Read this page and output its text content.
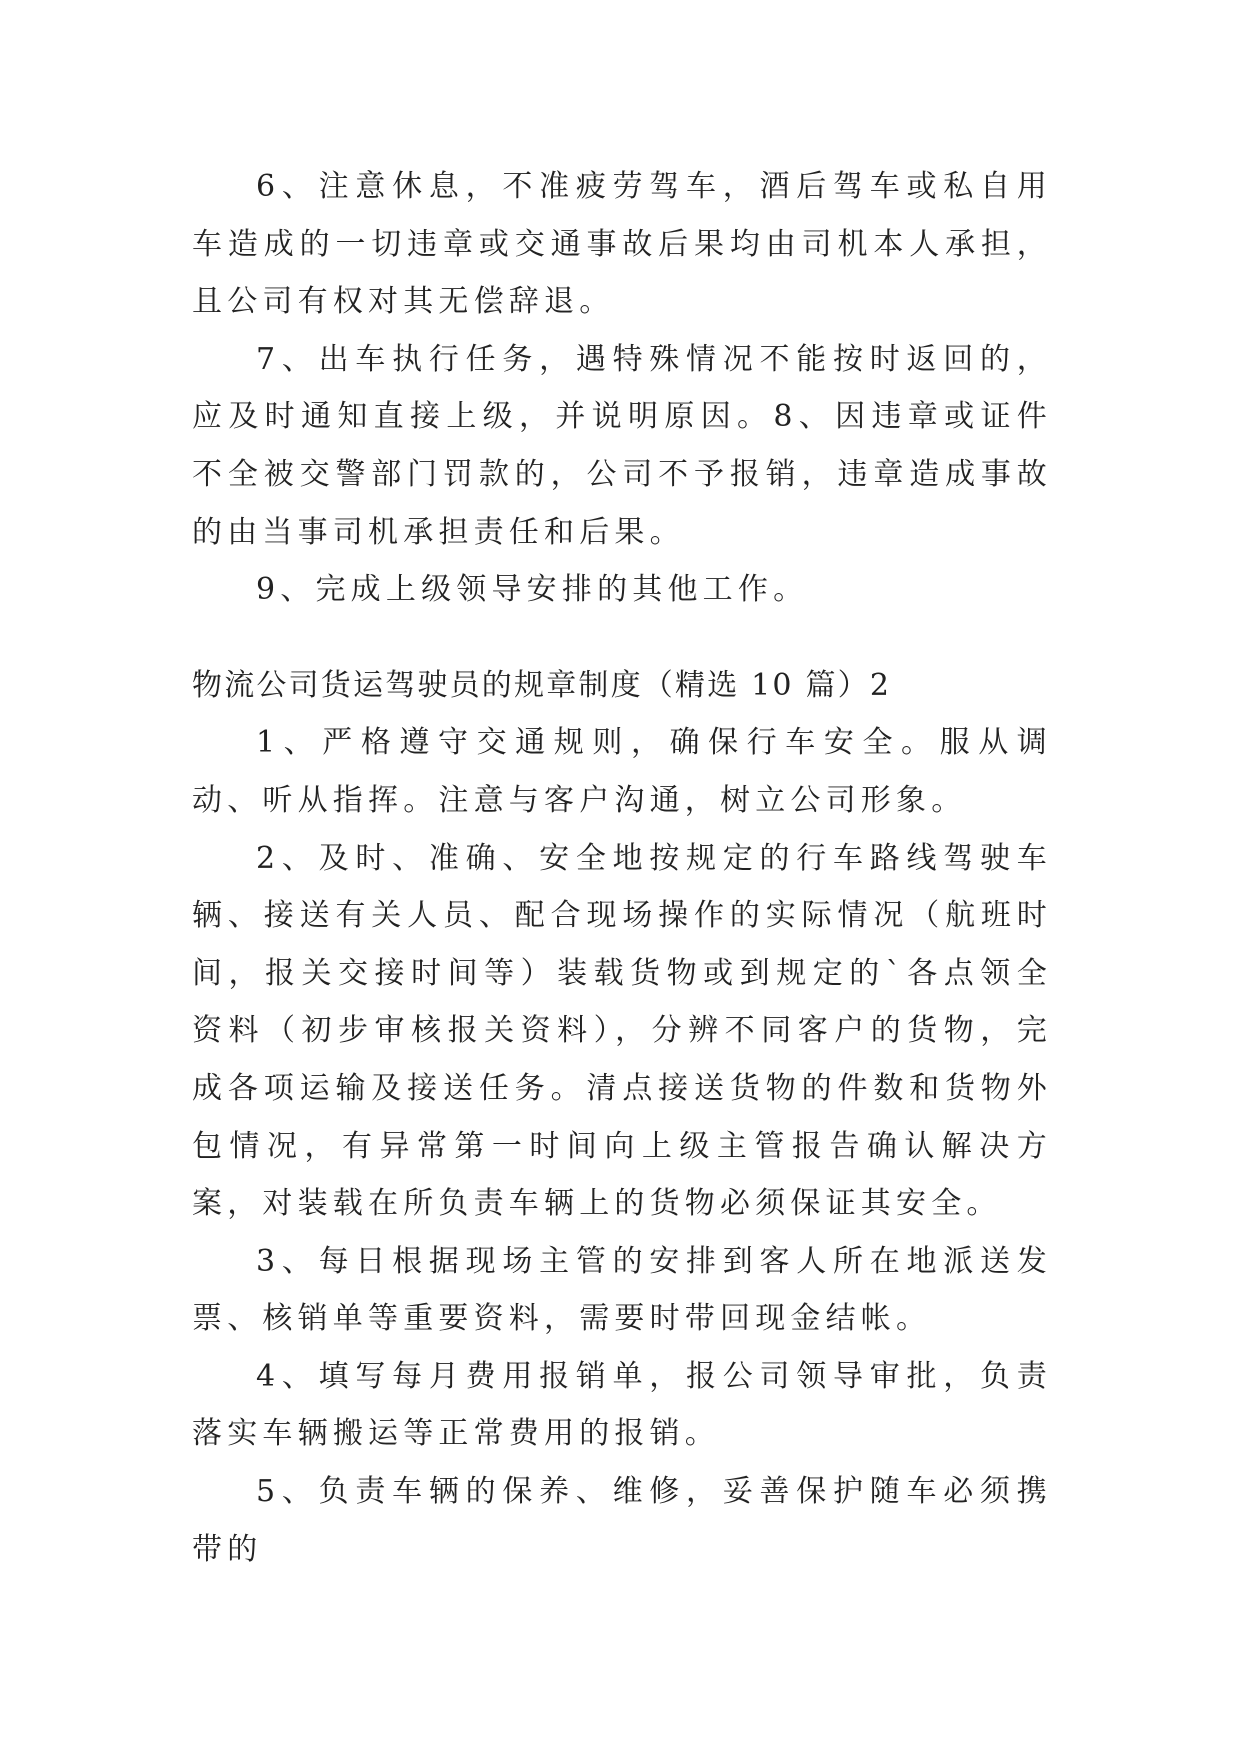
6、注意休息，不准疲劳驾车，酒后驾车或私自用车造成的一切违章或交通事故后果均由司机本人承担，且公司有权对其无偿辞退。

7、出车执行任务，遇特殊情况不能按时返回的，应及时通知直接上级，并说明原因。8、因违章或证件不全被交警部门罚款的，公司不予报销，违章造成事故的由当事司机承担责任和后果。

9、完成上级领导安排的其他工作。

物流公司货运驾驶员的规章制度（精选 10 篇）2

1、严格遵守交通规则，确保行车安全。服从调动、听从指挥。注意与客户沟通，树立公司形象。

2、及时、准确、安全地按规定的行车路线驾驶车辆、接送有关人员、配合现场操作的实际情况（航班时间，报关交接时间等）装载货物或到规定的`各点领全资料（初步审核报关资料），分辨不同客户的货物，完成各项运输及接送任务。清点接送货物的件数和货物外包情况，有异常第一时间向上级主管报告确认解决方案，对装载在所负责车辆上的货物必须保证其安全。

3、每日根据现场主管的安排到客人所在地派送发票、核销单等重要资料，需要时带回现金结帐。

4、填写每月费用报销单，报公司领导审批，负责落实车辆搬运等正常费用的报销。

5、负责车辆的保养、维修，妥善保护随车必须携带的
